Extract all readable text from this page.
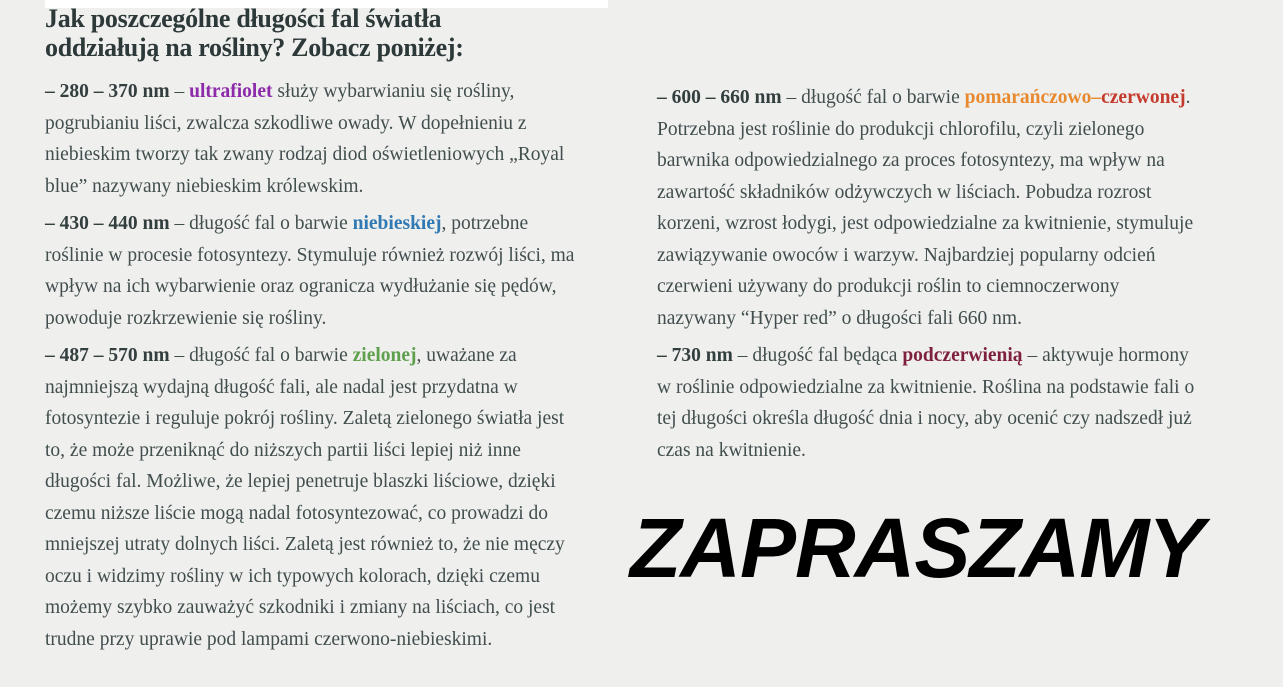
Jak poszczególne długości fal światła oddziałują na rośliny? Zobacz poniżej:

– 280 – 370 nm – ultrafiolet służy wybarwianiu się rośliny, pogrubianiu liści, zwalcza szkodliwe owady. W dopełnieniu z niebieskim tworzy tak zwany rodzaj diod oświetleniowych „Royal blue” nazywany niebieskim królewskim.

– 430 – 440 nm – długość fal o barwie niebieskiej, potrzebne roślinie w procesie fotosyntezy. Stymuluje również rozwój liści, ma wpływ na ich wybarwienie oraz ogranicza wydłużanie się pędów, powoduje rozkrzewienie się rośliny.

– 487 – 570 nm – długość fal o barwie zielonej, uważane za najmniejszą wydajną długość fali, ale nadal jest przydatna w fotosyntezie i reguluje pokrój rośliny. Zaletą zielonego światła jest to, że może przeniknąć do niższych partii liści lepiej niż inne długości fal. Możliwe, że lepiej penetruje blaszki liściowe, dzięki czemu niższe liście mogą nadal fotosyntezować, co prowadzi do mniejszej utraty dolnych liści. Zaletą jest również to, że nie męczy oczu i widzimy rośliny w ich typowych kolorach, dzięki czemu możemy szybko zauważyć szkodniki i zmiany na liściach, co jest trudne przy uprawie pod lampami czerwono-niebieskimi.

– 600 – 660 nm – długość fal o barwie pomarańczowo–czerwonej. Potrzebna jest roślinie do produkcji chlorofilu, czyli zielonego barwnika odpowiedzialnego za proces fotosyntezy, ma wpływ na zawartość składników odżywczych w liściach. Pobudza rozrost korzeni, wzrost łodygi, jest odpowiedzialne za kwitnienie, stymuluje zawiązywanie owoców i warzyw. Najbardziej popularny odcień czerwieni używany do produkcji roślin to ciemnoczerwony nazywany “Hyper red” o długości fali 660 nm.

– 730 nm – długość fal będąca podczerwienią – aktywuje hormony w roślinie odpowiedzialne za kwitnienie. Roślina na podstawie fali o tej długości określa długość dnia i nocy, aby ocenić czy nadszedł już czas na kwitnienie.

ZAPRASZAMY
